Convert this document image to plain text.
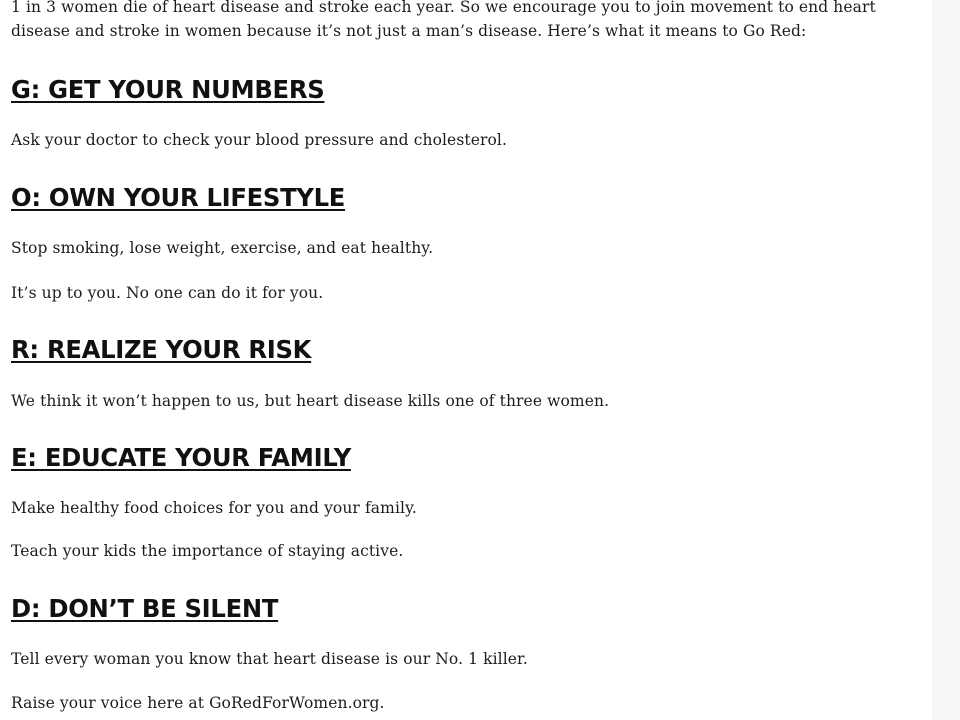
1 in 3 women die of heart disease and stroke each year. So we encourage you to join movement to end heart
disease and stroke in women because it’s not just a man’s disease. Here’s what it means to Go Red:

G: GET YOUR NUMBERS

Ask your doctor to check your blood pressure and cholesterol.

O: OWN YOUR LIFESTYLE

Stop smoking, lose weight, exercise, and eat healthy.

It’s up to you. No one can do it for you.

R: REALIZE YOUR RISK

We think it won’t happen to us, but heart disease kills one of three women.

E: EDUCATE YOUR FAMILY

Make healthy food choices for you and your family.

Teach your kids the importance of staying active.

D: DON’T BE SILENT

Tell every woman you know that heart disease is our No. 1 killer.

Raise your voice here at GoRedForWomen.org.
